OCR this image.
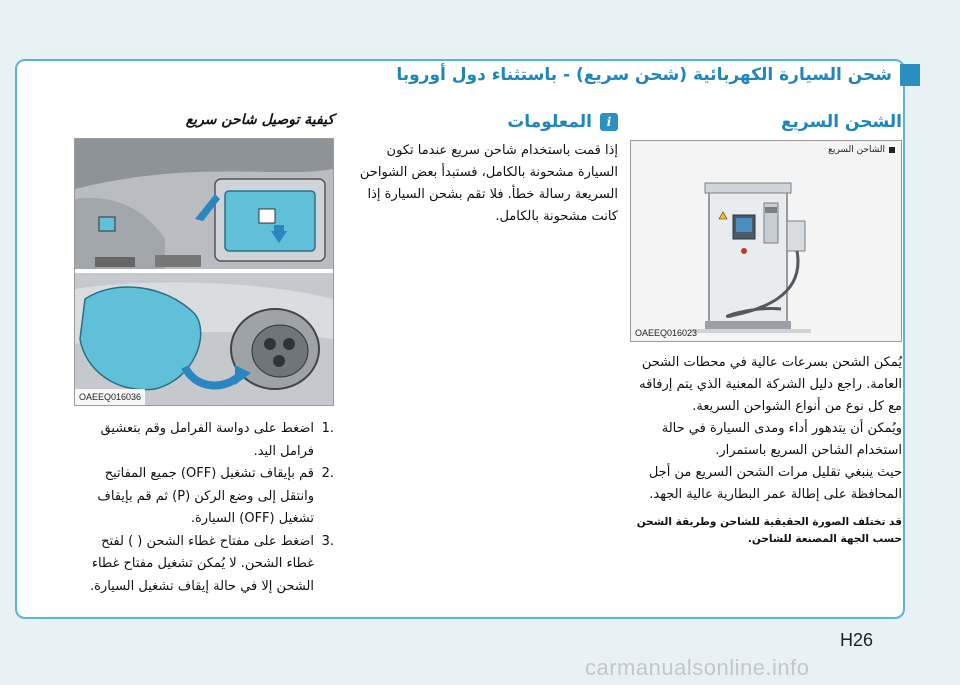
شحن السيارة الكهربائية (شحن سريع) - باستثناء دول أوروبا
الشحن السريع
الشاحن السريع
OAEEQ016023

يُمكن الشحن بسرعات عالية في محطات الشحن العامة. راجع دليل الشركة المعنية الذي يتم إرفاقه مع كل نوع من أنواع الشواحن السريعة.

ويُمكن أن يتدهور أداء ومدى السيارة في حالة استخدام الشاحن السريع باستمرار.

حيث ينبغي تقليل مرات الشحن السريع من أجل المحافظة على إطالة عمر البطارية عالية الجهد.

قد تختلف الصورة الحقيقية للشاحن وطريقة الشحن حسب الجهة المصنعة للشاحن.
i
المعلومات

إذا قمت باستخدام شاحن سريع عندما تكون السيارة مشحونة بالكامل، فستبدأ بعض الشواحن السريعة رسالة خطأ. فلا تقم بشحن السيارة إذا كانت مشحونة بالكامل.

كيفية توصيل شاحن سريع
OAEEQ016036
.1
اضغط على دواسة الفرامل وقم بتعشيق فرامل اليد.
.2
قم بإيقاف تشغيل (OFF) جميع المفاتيح وانتقل إلى وضع الركن (P) ثم قم بإيقاف تشغيل (OFF) السيارة.
.3
اضغط على مفتاح غطاء الشحن ( ) لفتح غطاء الشحن. لا يُمكن تشغيل مفتاح غطاء الشحن إلا في حالة إيقاف تشغيل السيارة.
H26
carmanualsonline.info
